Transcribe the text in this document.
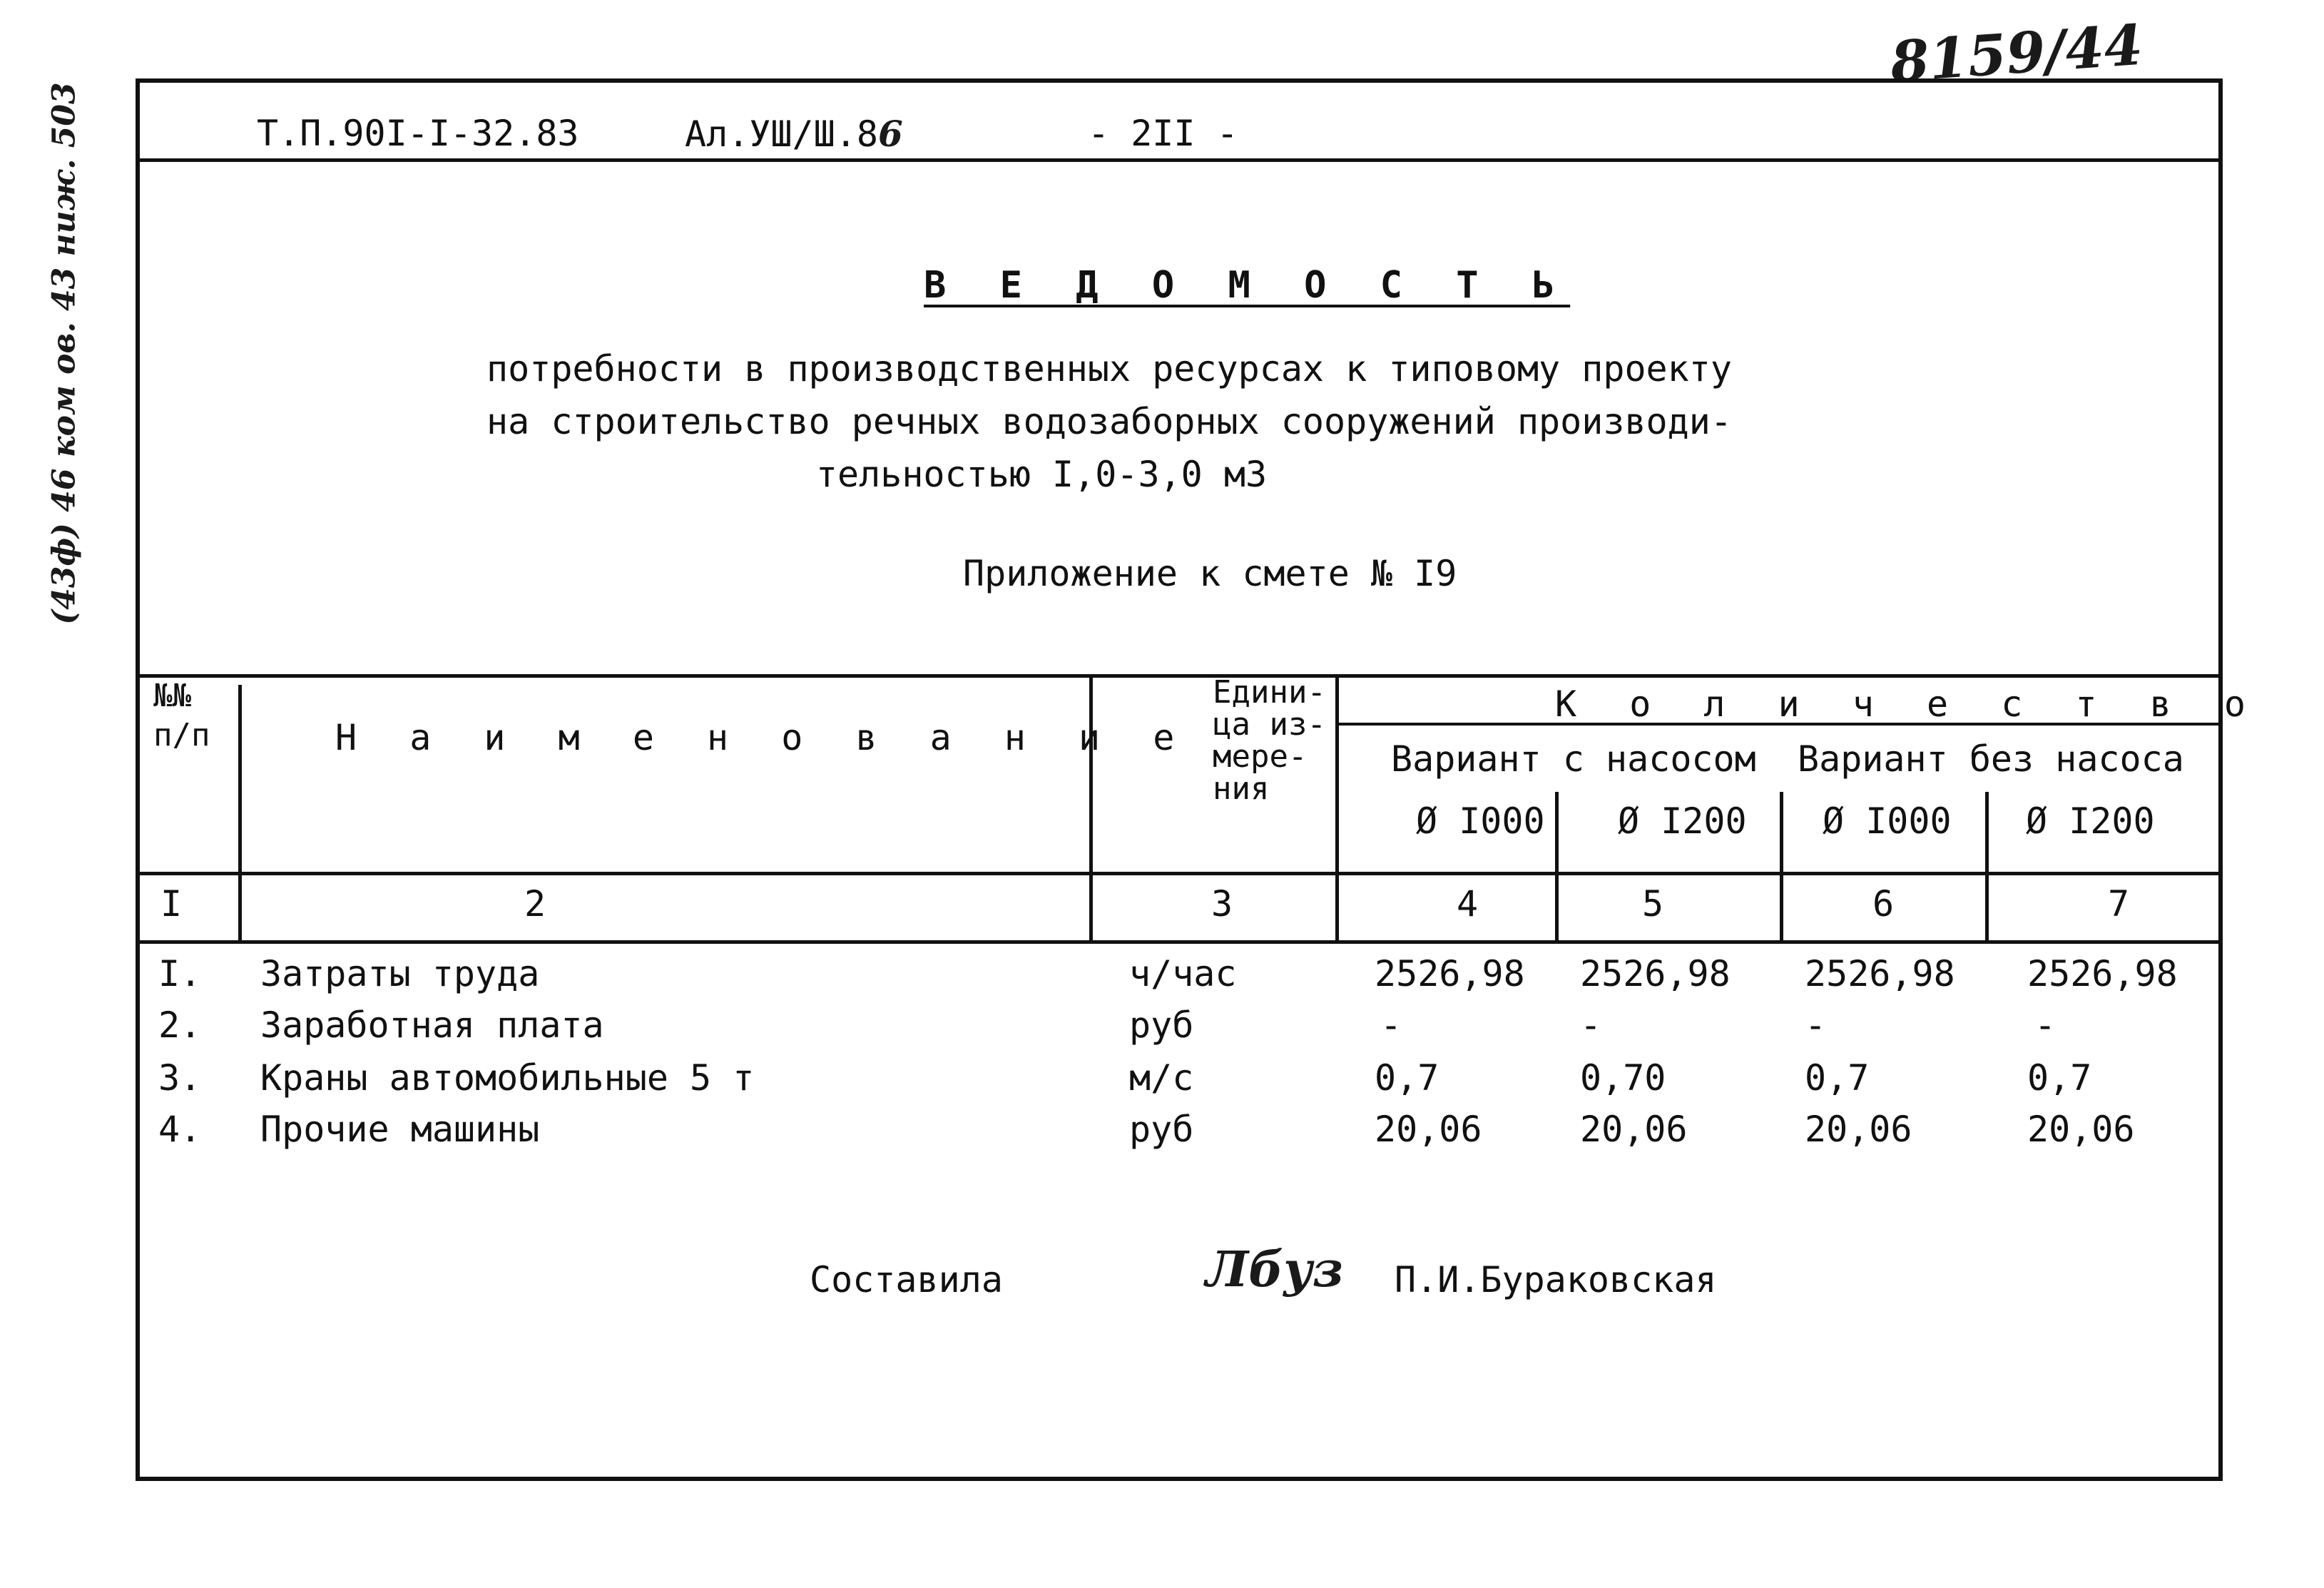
8159/44
(43ф) 46 ком ов. 43 ниж. 503	Т.П.90I-I-32.83	Ал.УШ/Ш.86	- 2II -
В Е Д О М О С Т Ь
потребности в производственных ресурсах к типовому проекту
на строительство речных водозаборных сооружений производи-
тельностью I,0-3,0 м3
Приложение к смете № I9
№№
п/п	Н а и м е н о в а н и е
Едини-
ца из-
мере-
ния
К о л и ч е с т в о
Вариант с насосом Вариант без насоса
Ø I000 Ø I200 Ø I000 Ø I200
I	2	3	4	5	6	7
I. Затраты труда	ч/час	2526,98 2526,98 2526,98 2526,98
2. Заработная плата	руб	-	-	-	-
3. Краны автомобильные 5 т	м/с	0,7	0,70	0,7	0,7
4. Прочие машины	руб	20,06	20,06	20,06	20,06
Составила	Лбуз П.И.Бураковская
